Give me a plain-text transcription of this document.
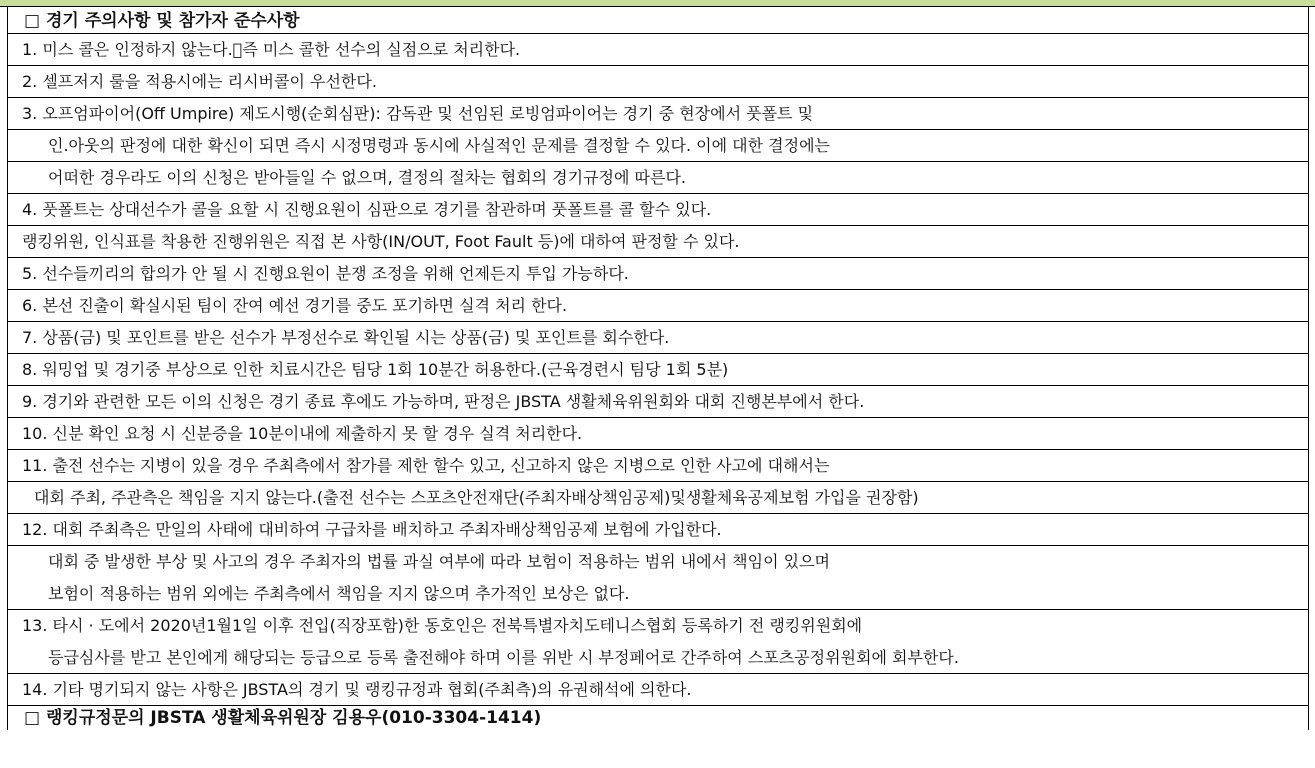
□ 경기 주의사항 및 참가자 준수사항
1. 미스 콜은 인정하지 않는다. 즉 미스 콜한 선수의 실점으로 처리한다.
2. 셀프저지 룰을 적용시에는 리시버콜이 우선한다.
3. 오프엄파이어(Off Umpire) 제도시행(순회심판): 감독관 및 선임된 로빙엄파이어는 경기 중 현장에서 풋폴트 및
인.아웃의 판정에 대한 확신이 되면 즉시 시정명령과 동시에 사실적인 문제를 결정할 수 있다. 이에 대한 결정에는
어떠한 경우라도 이의 신청은 받아들일 수 없으며, 결정의 절차는 협회의 경기규정에 따른다.
4. 풋폴트는 상대선수가 콜을 요할 시 진행요원이 심판으로 경기를 참관하며 풋폴트를 콜 할수 있다.
랭킹위원, 인식표를 착용한 진행위원은 직접 본 사항(IN/OUT, Foot Fault 등)에 대하여 판정할 수 있다.
5. 선수들끼리의 합의가 안 될 시 진행요원이 분쟁 조정을 위해 언제든지 투입 가능하다.
6. 본선 진출이 확실시된 팀이 잔여 예선 경기를 중도 포기하면 실격 처리 한다.
7. 상품(금) 및 포인트를 받은 선수가 부정선수로 확인될 시는 상품(금) 및 포인트를 회수한다.
8. 워밍업 및 경기중 부상으로 인한 치료시간은 팀당 1회 10분간 허용한다.(근육경련시 팀당 1회 5분)
9. 경기와 관련한 모든 이의 신청은 경기 종료 후에도 가능하며, 판정은 JBSTA 생활체육위원회와 대회 진행본부에서 한다.
10. 신분 확인 요청 시 신분증을 10분이내에 제출하지 못 할 경우 실격 처리한다.
11. 출전 선수는 지병이 있을 경우 주최측에서 참가를 제한 할수 있고, 신고하지 않은 지병으로 인한 사고에 대해서는
대회 주최, 주관측은 책임을 지지 않는다.(출전 선수는 스포츠안전재단(주최자배상책임공제)및생활체육공제보험 가입을 권장함)
12. 대회 주최측은 만일의 사태에 대비하여 구급차를 배치하고 주최자배상책임공제 보험에 가입한다.
대회 중 발생한 부상 및 사고의 경우 주최자의 법률 과실 여부에 따라 보험이 적용하는 범위 내에서 책임이 있으며
보험이 적용하는 범위 외에는 주최측에서 책임을 지지 않으며 추가적인 보상은 없다.
13. 타시 · 도에서 2020년1월1일 이후 전입(직장포함)한 동호인은 전북특별자치도테니스협회 등록하기 전 랭킹위원회에
등급심사를 받고 본인에게 해당되는 등급으로 등록 출전해야 하며 이를 위반 시 부정페어로 간주하여 스포츠공정위원회에 회부한다.
14. 기타 명기되지 않는 사항은 JBSTA의 경기 및 랭킹규정과 협회(주최측)의 유권해석에 의한다.
□ 랭킹규정문의 JBSTA 생활체육위원장 김용우(010-3304-1414)
